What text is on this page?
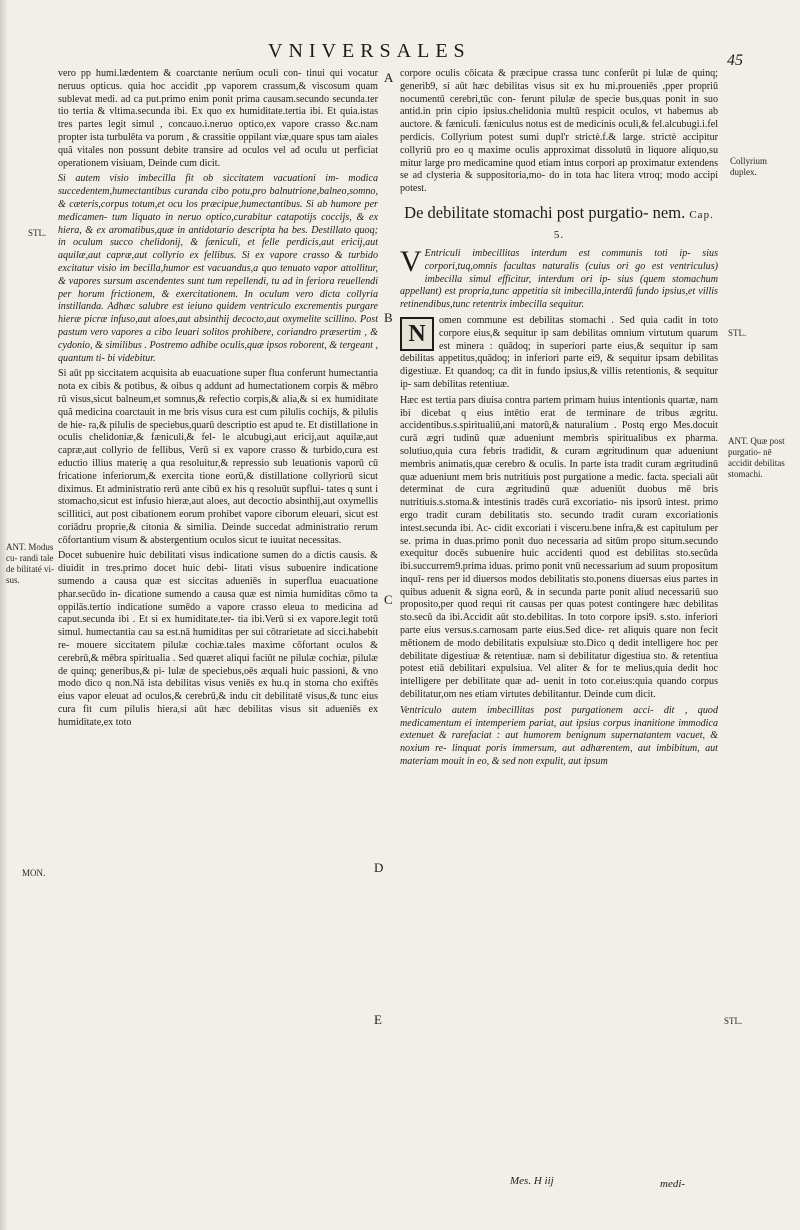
VNIVERSALES	45

vero pp humi.lædentem & coarctante nerũum oculi con- tinui qui vocatur neruus opticus. quia hoc accidit ,pp vaporem crassum,& viscosum quam sublevat medi. ad ca put.primo enim ponit prima causam.secundo secunda.ter tio tertia & vltima.secunda ibi. Ex quo ex humiditate.tertia ibi. Et quia.istas tres partes legit simul , concauo.i.neruo optico,ex vapore crasso &c.nam propter ista turbulēta va porum , & crassitie oppilant viæ,quare spus tam aiales quã vitales non possunt debite transire ad oculos vel ad oculu ut perficiat operationem visiuam, Deinde cum dicit.

Si autem visio imbecilla fit ob siccitatem vacuationi im- modica succedentem,humectantibus curanda cibo potu,pro balnutrione,balneo,somno, & cæteris,corpus totum,et ocu los præcipue,humectantibus. Si ab humore per medicamen- tum liquato in neruo optico,curabitur catapotijs coccijs, & ex hiera, & ex aromatibus,quæ in antidotario descripta ha bes. Destillato quoq; in oculum succo chelidonij, & fæniculi, et felle perdicis,aut ericij,aut aquilæ,aut capræ,aut collyrio ex fellibus. Si ex vapore crasso & turbido excitatur visio im becilla,humor est vacuandus,a quo tenuato vapor attollitur, & vapores sursum ascendentes sunt tum repellendi, tu ad in feriora reuellendi per horum frictionem, & exercitationem. In oculum vero dicta collyria instillanda. Adhæc salubre est ieiuno quidem ventriculo excrementis purgare hieræ picræ infuso,aut aloes,aut absinthij decocto,aut oxymelite scillino. Post pastum vero vapores a cibo leuari solitos prohibere, coriandro præsertim , & cydonio, & similibus . Postremo adhibe oculis,quæ ipsos roborent, & tergeant , quantum ti- bi videbitur.

Si aūt pp siccitatem acquisita ab euacuatione super flua conferunt humectantia nota ex cibis & potibus, & oibus q addunt ad humectationem corpis & mēbro rū visus,sicut balneum,et somnus,& refectio corpis,& alia,& si ex humiditate quã medicina coarctauit in me bris visus cura est cum pilulis cochijs, & pilulis de hie- ra,& pilulis de speciebus,quarū descriptio est apud te. Et distillatione in oculis chelidoniæ,& fæniculi,& fel- le alcubugi,aut ericij,aut aquilæ,aut capræ,aut collyrio de fellibus, Verū si ex vapore crasso & turbido,cura est eductio illius materię a qua resoluitur,& repressio sub leuationis vaporū cū fricatione inferiorum,& exercita tione eorū,& distillatione collyriorū sicut diximus. Et administratio rerū ante cibū ex his q resoluūt supflui- tates q sunt i stomacho,sicut est infusio hieræ,aut aloes, aut decoctio absinthij,aut oxymellis scillitici, aut post cibationem eorum prohibet vapore ciborum eleuari, sicut est coriādru proprie,& citonia & similia. Deinde succedat administratio rerum cōfortantium visum & abstergentium oculos sicut te iuuitat necessitas.

Docet subuenire huic debilitati visus indicatione sumen do a dictis causis. & diuidit in tres.primo docet huic debi- litati visus subuenire indicatione sumendo a causa quæ est siccitas adueniēs in superflua euacuatione phar.secūdo in- dicatione sumendo a causa quæ est nimia humiditas cōmo ta oppilās.tertio indicatione sumēdo a vapore crasso eleua to medicina ad caput.secunda ibi . Et si ex humiditate.ter- tia ibi.Verū si ex vapore.legit totū simul. humectantia cau sa est.nā humiditas per sui cōtrarietate ad sicci.habebit re- mouere siccitatem pilulæ cochiæ.tales maxime cōfortant oculos & cerebrū,& mēbra spiritualia . Sed quæret aliqui faciūt ne pilulæ cochiæ, pilulæ de quinq; generibus,& pi- lulæ de speciebus,oēs æquali huic passioni, & vno modo dico q non.Nā ista debilitas visus veniēs ex hu.q in stoma cho exiftēs eius vapor eleuat ad oculos,& cerebrū,& indu cit debilitatē visus,& tunc eius cura fit cum pilulis hiera,si aūt hæc debilitas visus sit adueniēs ex humiditate,ex toto

corpore oculis cōicata & præcipue crassa tunc conferūt pi lulæ de quinq; generib9, si aūt hæc debilitas visus sit ex hu mi.proueniēs ,pper propriū nocumentū cerebri,tūc con- ferunt pilulæ de specie bus,quas ponit in suo antid.in prin cipio ipsius.chelidonia multū respicit oculos, vt habemus ab auctore. & fæniculi. fæniculus notus est de medicinis oculi,& fel.alcubugi.i.fel perdicis. Collyrium potest sumi dupl'r strictè.f.& large. strictè accipitur collyriū pro eo q maxime oculis approximat dissolutū in liquore aliquo,su mitur large pro medicamine quod etiam intus corpori ap proximatur extendens se ad clysteria & suppositoria,mo- do in tota hac litera vtroq; modo accipi potest.

De debilitate stomachi post purgatio- nem. Cap. 5.

V Entriculi imbecillitas interdum est communis toti ip- sius corpori,tuq,omnis facultas naturalis (cuius ori go est ventriculus) imbecilla simul efficitur, interdum ori ip- sius (quem stomachum appellant) est propria,tunc appetitia sit imbecilla,interdū fundo ipsius,et villis retinendibus,tunc retentrix imbecilla sequitur.

N
omen commune est debilitas stomachi . Sed quia cadit in toto corpore eius,& sequitur ip sam debilitas omnium virtutum quarum est minera : quādoq; in superiori parte eius,& sequitur ip sam debilitas appetitus,quādoq; in inferiori parte ei9, & sequitur ipsam debilitas digestiuæ. Et quandoq; ca dit in fundo ipsius,& villis retentionis, & sequitur ip- sam debilitas retentiuæ.

Hæc est tertia pars diuisa contra partem primam huius intentionis quartæ, nam ibi dicebat q eius intētio erat de terminare de tribus ægritu. accidentibus.s.spiritualiū,ani matorū,& naturalium . Postq ergo Mes.docuit curā ægri tudinū quæ adueniunt membris spiritualibus ex pharma. solutiuo,quia cura febris tradidit, & curam ægritudinum quæ adueniunt membris animatis,quæ cerebro & oculis. In parte ista tradit curam ægritudinū quæ adueniunt mem bris nutritiuis post purgatione a medic. facta. speciali aūt determinat de cura ægritudinū quæ adueniūt duobus mē bris nutritiuis.s.stoma.& intestinis tradēs curā excoriatio- nis ipsorū intest. primo ergo tradit curam debilitatis sto. secundo tradit curam excoriationis intest.secunda ibi. Ac- cidit excoriati i visceru.bene infra,& est capitulum per se. prima in duas.primo ponit duo necessaria ad sitūm propo situm.secundo exequitur docēs subuenire huic accidenti quod est debilitas sto.secūda ibi.succurrem9.prima iduas. primo ponit vnū necessarium ad suum propositum inquī- rens per id diuersos modos debilitatis sto.ponens diuersas eius partes in quibus aduenit & signa eorū, & in secunda parte ponit aliud necessariū suo proposito,per quod requi rit causas per quas potest contingere hæc debilitas sto.secū da ibi.Accidit aūt sto.debilitas. In toto corpore ipsi9. s.sto. inferiori parte eius versus.s.carnosam parte eius.Sed dice- ret aliquis quare non fecit mētionem de modo debilitatis expulsiuæ sto.Dico q dedit intelligere hoc per debilitate digestiuæ & retentiuæ. nam si debilitatur digestiua sto. & retentiua potest etiā debilitari expulsiua. Vel aliter & for te melius,quia dedit hoc intelligere per debilitate quæ ad- uenit in toto cor.eius:quia quando corpus debilitatur,om nes etiam virtutes debilitantur. Deinde cum dicit.

Ventriculo autem imbecillitas post purgationem acci- dit , quod medicamentum ei intemperiem pariat, aut ipsius corpus inanitione immodica extenuet & rarefaciat : aut humorem benignum supernatantem vacuet, & noxium re- linquat poris immersum, aut adhærentem, aut imbibitum, aut materiam mouit in eo, & sed non expulit, aut ipsum

STL.
ANT. Modus cu- randi tale de bilitaté vi- sus.
MON.
Collyrium duplex.
STL.
ANT. Quæ post purgatio- nē accidit debilitas stomachi.
STL.
A
B
C
D
E
Mes. H iij	medi-
